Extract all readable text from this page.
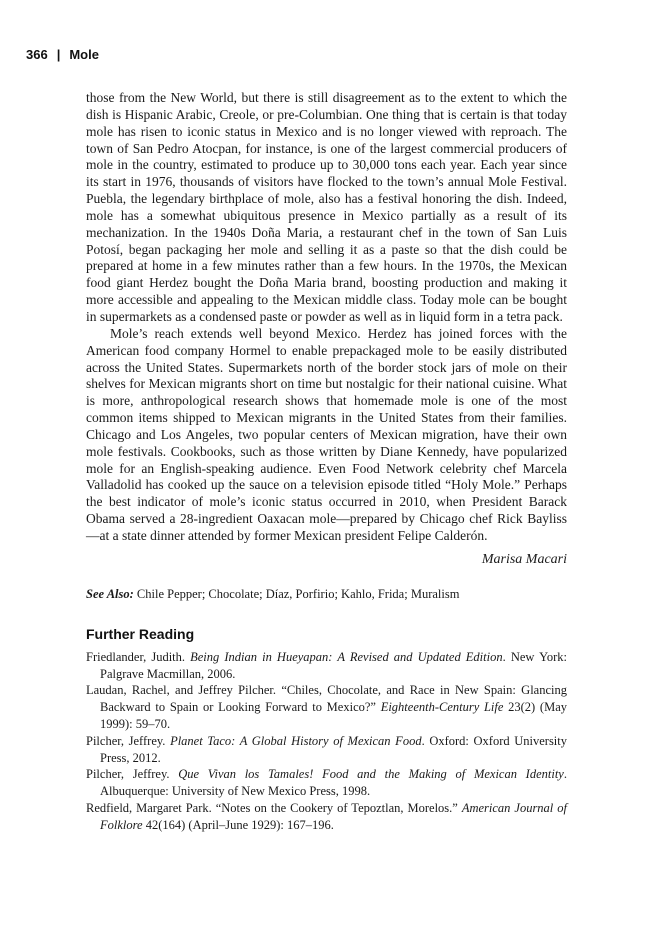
366 | Mole

those from the New World, but there is still disagreement as to the extent to which the dish is Hispanic Arabic, Creole, or pre-Columbian. One thing that is certain is that today mole has risen to iconic status in Mexico and is no longer viewed with reproach. The town of San Pedro Atocpan, for instance, is one of the largest commercial producers of mole in the country, estimated to produce up to 30,000 tons each year. Each year since its start in 1976, thousands of visitors have flocked to the town’s annual Mole Festival. Puebla, the legendary birthplace of mole, also has a festival honoring the dish. Indeed, mole has a somewhat ubiquitous presence in Mexico partially as a result of its mechanization. In the 1940s Doña Maria, a restaurant chef in the town of San Luis Potosí, began packaging her mole and selling it as a paste so that the dish could be prepared at home in a few minutes rather than a few hours. In the 1970s, the Mexican food giant Herdez bought the Doña Maria brand, boosting production and making it more accessible and appealing to the Mexican middle class. Today mole can be bought in supermarkets as a condensed paste or powder as well as in liquid form in a tetra pack.

Mole’s reach extends well beyond Mexico. Herdez has joined forces with the American food company Hormel to enable prepackaged mole to be easily distributed across the United States. Supermarkets north of the border stock jars of mole on their shelves for Mexican migrants short on time but nostalgic for their national cuisine. What is more, anthropological research shows that homemade mole is one of the most common items shipped to Mexican migrants in the United States from their families. Chicago and Los Angeles, two popular centers of Mexican migration, have their own mole festivals. Cookbooks, such as those written by Diane Kennedy, have popularized mole for an English-speaking audience. Even Food Network celebrity chef Marcela Valladolid has cooked up the sauce on a television episode titled “Holy Mole.” Perhaps the best indicator of mole’s iconic status occurred in 2010, when President Barack Obama served a 28-ingredient Oaxacan mole—prepared by Chicago chef Rick Bayliss—at a state dinner attended by former Mexican president Felipe Calderón.

Marisa Macari

See Also: Chile Pepper; Chocolate; Díaz, Porfirio; Kahlo, Frida; Muralism

Further Reading
Friedlander, Judith. Being Indian in Hueyapan: A Revised and Updated Edition. New York: Palgrave Macmillan, 2006.
Laudan, Rachel, and Jeffrey Pilcher. “Chiles, Chocolate, and Race in New Spain: Glancing Backward to Spain or Looking Forward to Mexico?” Eighteenth-Century Life 23(2) (May 1999): 59–70.
Pilcher, Jeffrey. Planet Taco: A Global History of Mexican Food. Oxford: Oxford University Press, 2012.
Pilcher, Jeffrey. Que Vivan los Tamales! Food and the Making of Mexican Identity. Albuquerque: University of New Mexico Press, 1998.
Redfield, Margaret Park. “Notes on the Cookery of Tepoztlan, Morelos.” American Journal of Folklore 42(164) (April–June 1929): 167–196.
